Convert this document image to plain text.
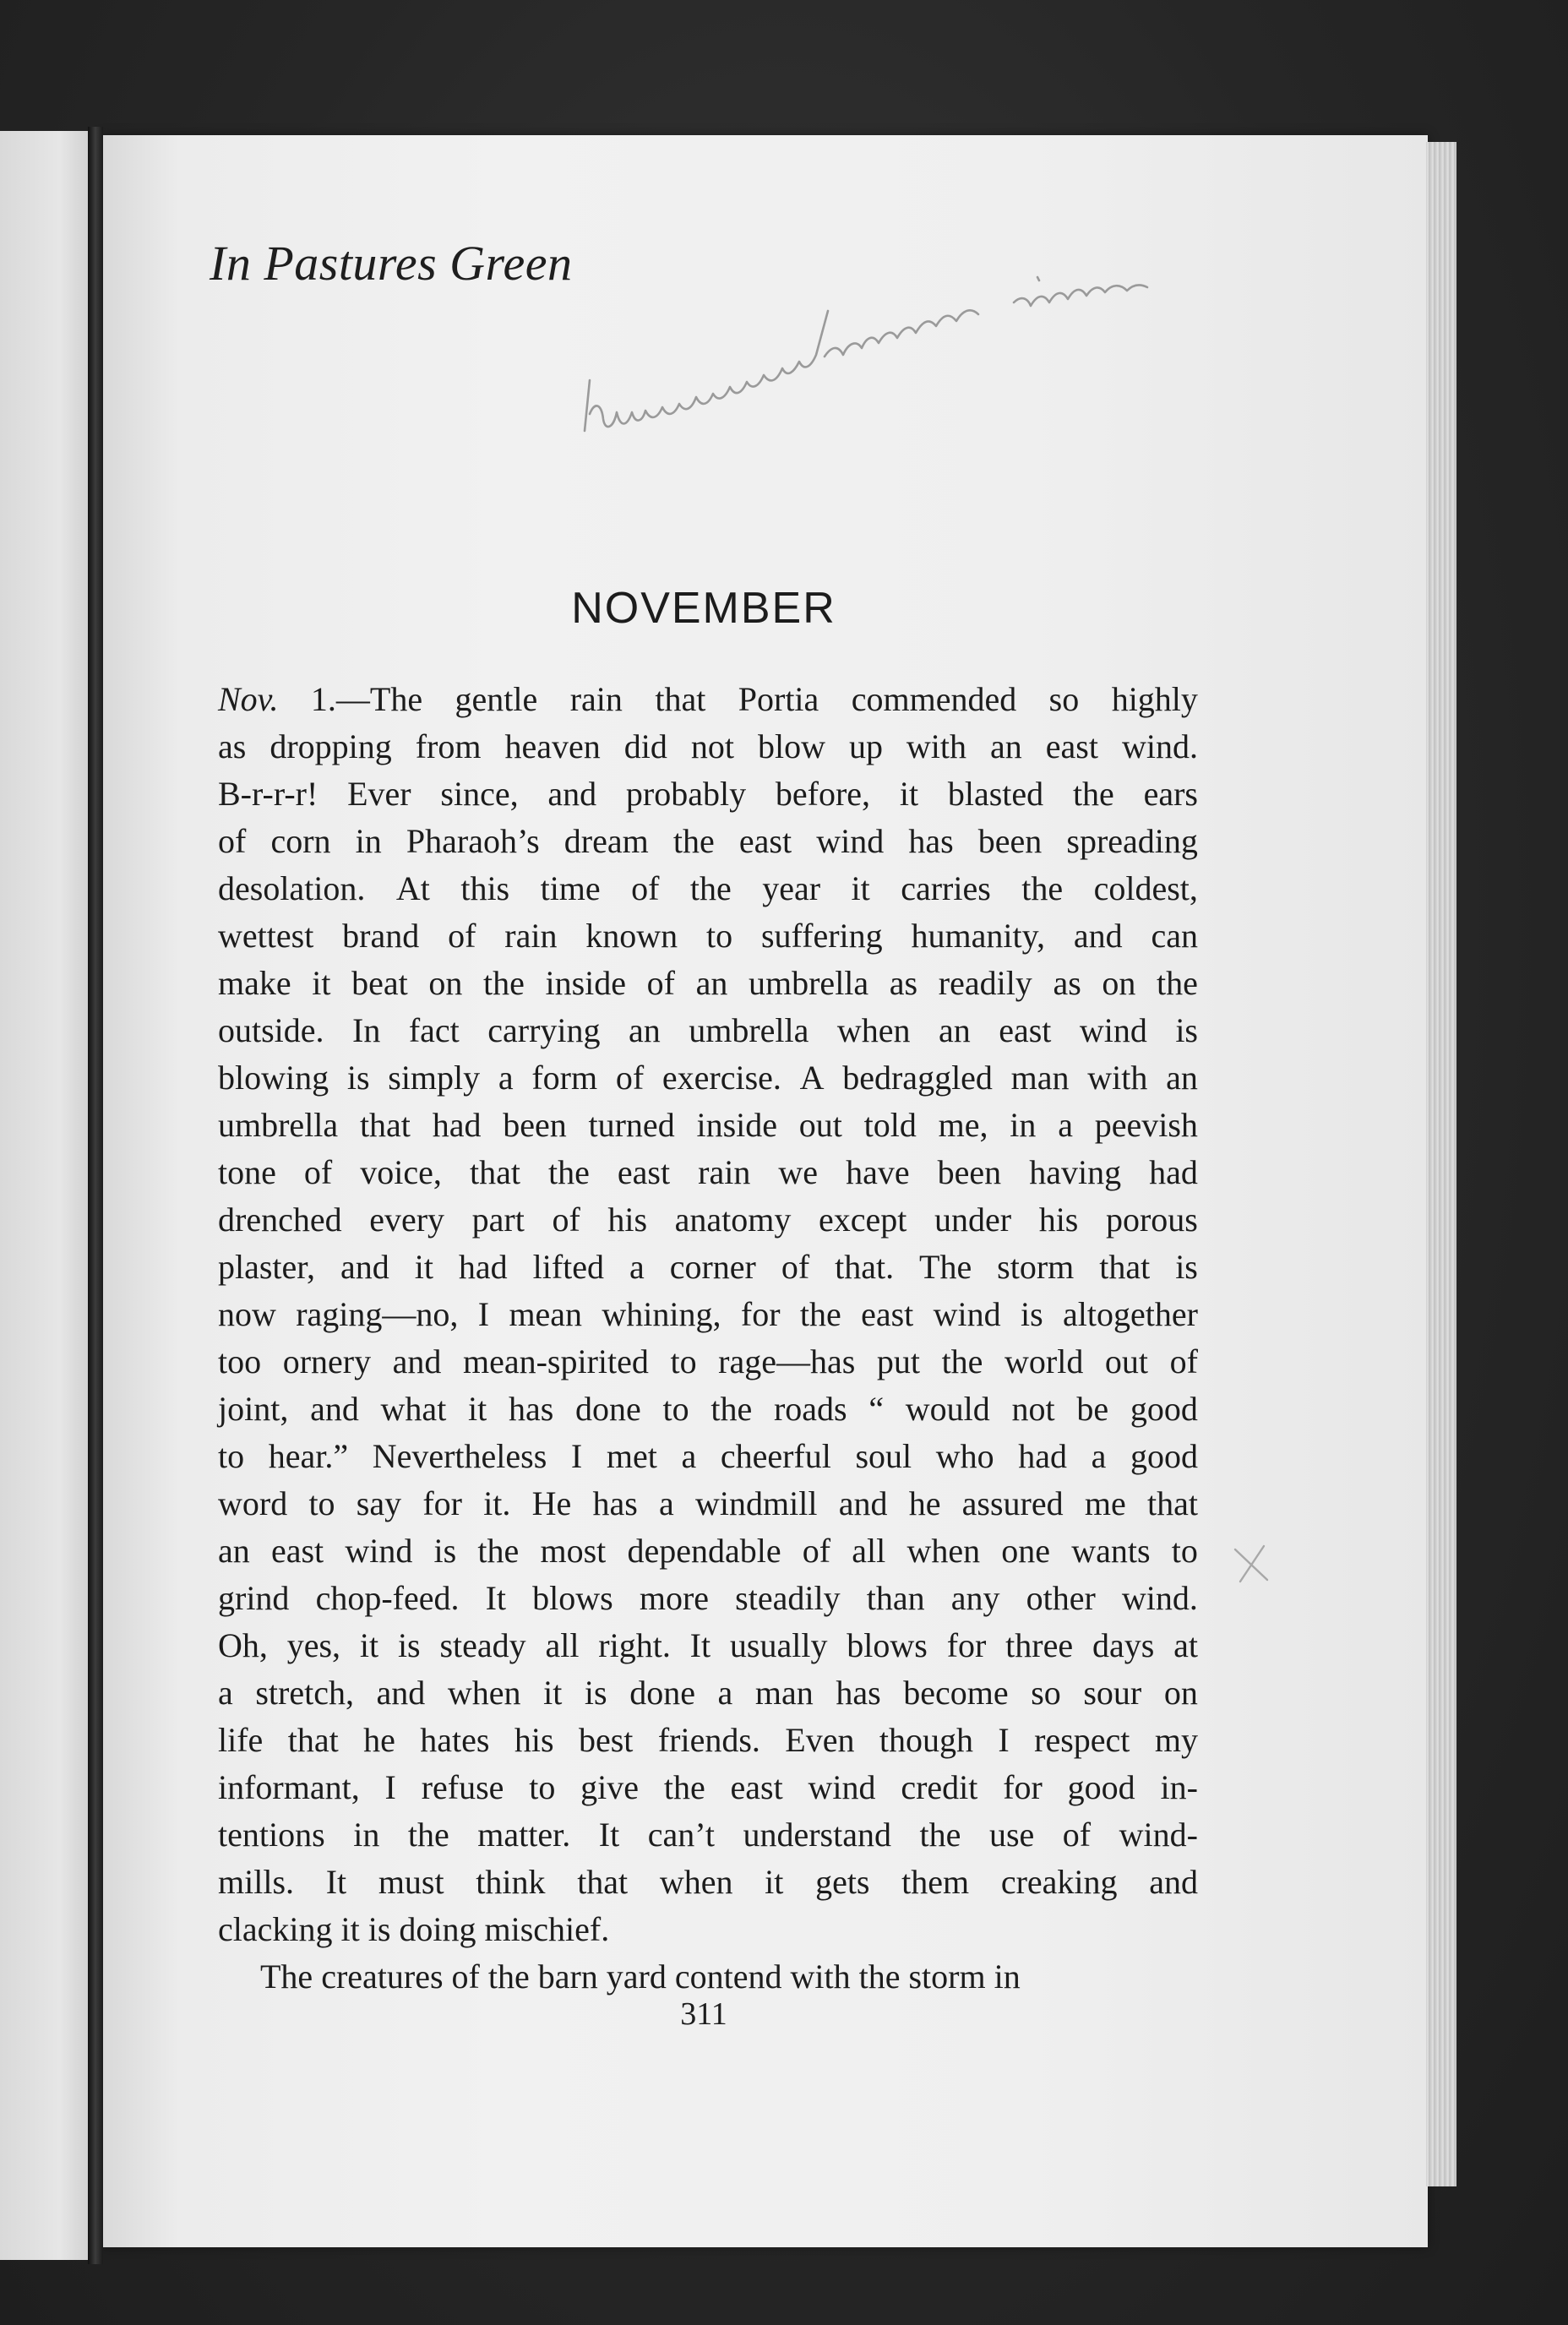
In Pastures Green
NOVEMBER
Nov. 1.—The gentle rain that Portia commended so highly
as dropping from heaven did not blow up with an east wind.
B-r-r-r! Ever since, and probably before, it blasted the ears
of corn in Pharaoh’s dream the east wind has been spreading
desolation. At this time of the year it carries the coldest,
wettest brand of rain known to suffering humanity, and can
make it beat on the inside of an umbrella as readily as on the
outside. In fact carrying an umbrella when an east wind is
blowing is simply a form of exercise. A bedraggled man with an
umbrella that had been turned inside out told me, in a peevish
tone of voice, that the east rain we have been having had
drenched every part of his anatomy except under his porous
plaster, and it had lifted a corner of that. The storm that is
now raging—no, I mean whining, for the east wind is altogether
too ornery and mean-spirited to rage—has put the world out of
joint, and what it has done to the roads “ would not be good
to hear.” Nevertheless I met a cheerful soul who had a good
word to say for it. He has a windmill and he assured me that
an east wind is the most dependable of all when one wants to
grind chop-feed. It blows more steadily than any other wind.
Oh, yes, it is steady all right. It usually blows for three days at
a stretch, and when it is done a man has become so sour on
life that he hates his best friends. Even though I respect my
informant, I refuse to give the east wind credit for good in-
tentions in the matter. It can’t understand the use of wind-
mills. It must think that when it gets them creaking and
clacking it is doing mischief.
The creatures of the barn yard contend with the storm in
311
